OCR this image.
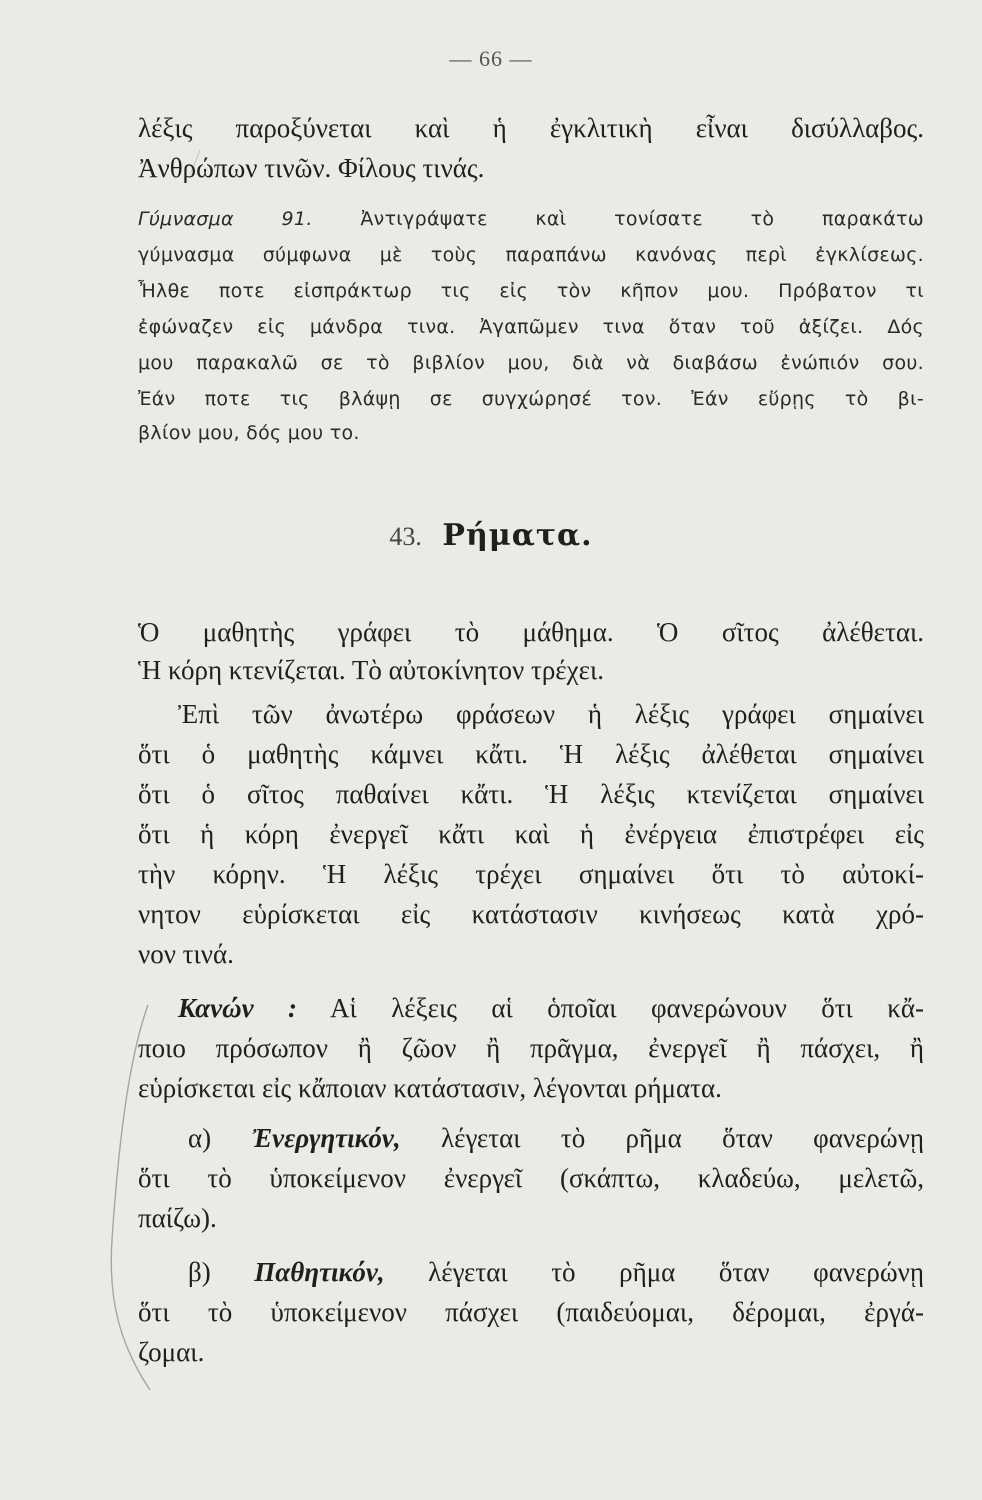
— 66 —
λέξις παροξύνεται καὶ ἡ ἐγκλιτικὴ εἶναι δισύλλαβος.
Ἀνθρώπων τινῶν. Φίλους τινάς.
Γύμνασμα 91.	Ἀντιγράψατε καὶ τονίσατε τὸ παρακάτω
γύμνασμα σύμφωνα μὲ τοὺς παραπάνω κανόνας περὶ ἐγκλίσεως.
Ἦλθε ποτε εἰσπράκτωρ τις εἰς τὸν κῆπον μου. Πρόβατον τι
ἐφώναζεν εἰς μάνδρα τινα. Ἀγαπῶμεν τινα ὅταν τοῦ ἀξίζει. Δός
μου παρακαλῶ σε τὸ βιβλίον μου, διὰ νὰ διαβάσω ἐνώπιόν σου.
Ἐάν ποτε τις βλάψῃ σε συγχώρησέ τον. Ἐάν εὕρῃς τὸ βι-
βλίον μου, δός μου το.
43. Ρήματα.
Ὁ μαθητὴς γράφει τὸ μάθημα. Ὁ σῖτος ἀλέθεται.
Ἡ κόρη κτενίζεται. Τὸ αὐτοκίνητον τρέχει.
Ἐπὶ τῶν ἀνωτέρω φράσεων ἡ λέξις γράφει σημαίνει
ὅτι ὁ μαθητὴς κάμνει κἄτι. Ἡ λέξις ἀλέθεται σημαίνει
ὅτι ὁ σῖτος παθαίνει κἄτι. Ἡ λέξις κτενίζεται σημαίνει
ὅτι ἡ κόρη ἐνεργεῖ κἄτι καὶ ἡ ἐνέργεια ἐπιστρέφει εἰς
τὴν κόρην. Ἡ λέξις τρέχει σημαίνει ὅτι τὸ αὐτοκί-
νητον εὑρίσκεται εἰς κατάστασιν κινήσεως κατὰ χρό-
νον τινά.
Κανών : Αἱ λέξεις αἱ ὁποῖαι φανερώνουν ὅτι κἄ-
ποιο πρόσωπον ἢ ζῶον ἢ πρᾶγμα, ἐνεργεῖ ἢ πάσχει, ἢ
εὑρίσκεται εἰς κἄποιαν κατάστασιν, λέγονται ρήματα.
α) Ἐνεργητικόν, λέγεται τὸ ρῆμα ὅταν φανερώνῃ
ὅτι τὸ ὑποκείμενον ἐνεργεῖ (σκάπτω, κλαδεύω, μελετῶ,
παίζω).
β) Παθητικόν, λέγεται τὸ ρῆμα ὅταν φανερώνῃ
ὅτι τὸ ὑποκείμενον πάσχει (παιδεύομαι, δέρομαι, ἐργά-
ζομαι.
